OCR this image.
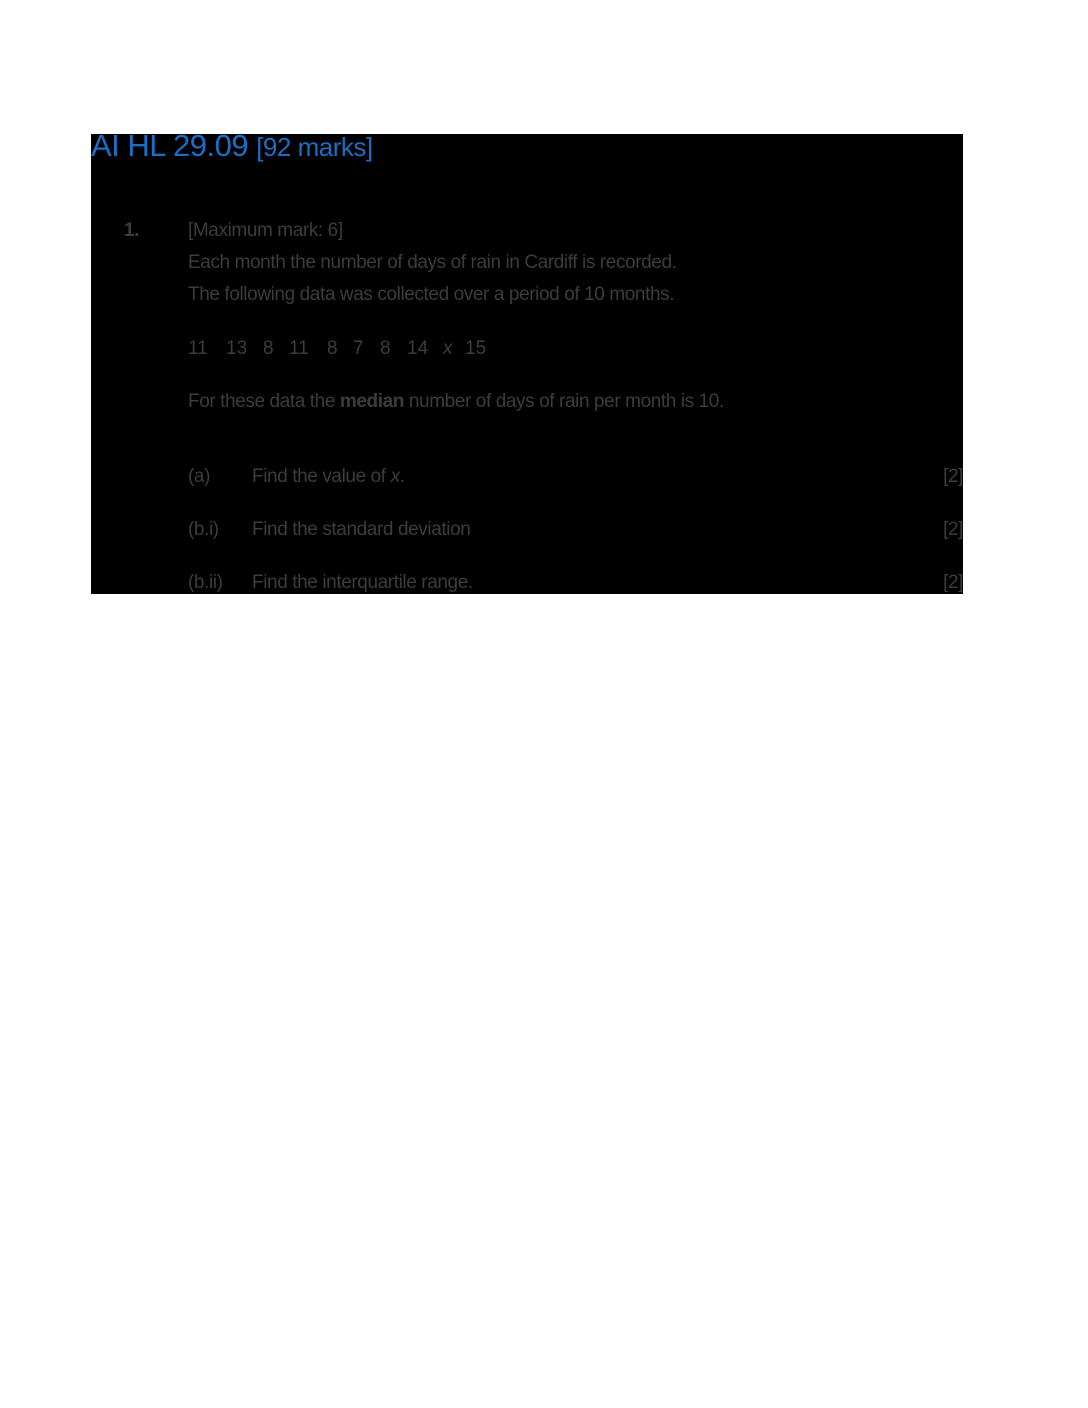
AI HL 29.09 [92 marks]
1.	[Maximum mark: 6]
Each month the number of days of rain in Cardiff is recorded.
The following data was collected over a period of 10 months.
11 13 8 11 8 7 8 14 x 15
For these data the median number of days of rain per month is 10.
(a) Find the value of x.	[2]
(b.i) Find the standard deviation	[2]
(b.ii) Find the interquartile range.	[2]
